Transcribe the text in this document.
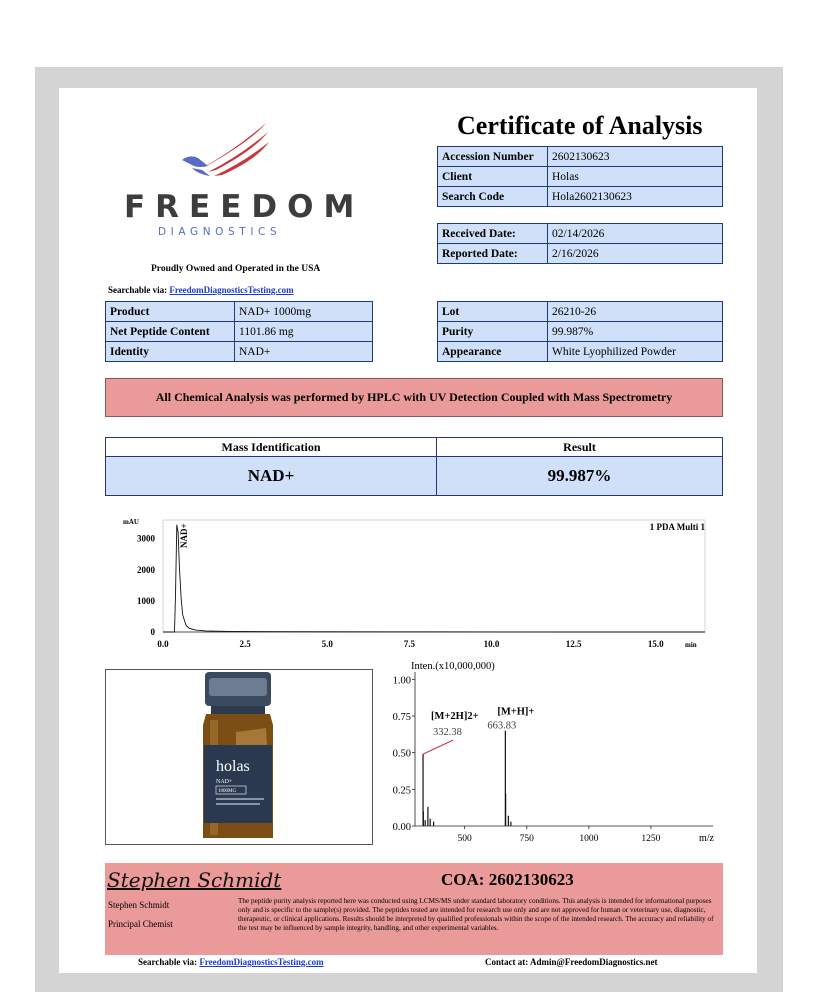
FREEDOM
DIAGNOSTICS
Proudly Owned and Operated in the USA
Searchable via: FreedomDiagnosticsTesting.com
Certificate of Analysis
Accession Number	2602130623
Client	Holas
Search Code	Hola2602130623
Received Date:	02/14/2026
Reported Date:	2/16/2026
Product	NAD+ 1000mg
Net Peptide Content	1101.86 mg
Identity	NAD+
Lot	26210-26
Purity	99.987%
Appearance	White Lyophilized Powder
All Chemical Analysis was performed by HPLC with UV Detection Coupled with Mass Spectrometry
Mass Identification	Result
NAD+	99.987%
mAU	1 PDA Multi 1
min
3000
2000
1000
0
0.0	2.5	5.0	7.5	10.0	12.5	15.0
NAD+
holas
NAD+
1000MG
Inten.(x10,000,000)
m/z
1.00
0.75
0.50
0.25
0.00
500	750	1000	1250
[M+2H]2+
332.38
[M+H]+
663.83
Stephen Schmidt	COA: 2602130623
Stephen Schmidt
Principal Chemist
The peptide purity analysis reported here was conducted using LCMS/MS under standard laboratory conditions. This analysis is intended for informational purposes only and is specific to the sample(s) provided. The peptides tested are intended for research use only and are not approved for human or veterinary use, diagnostic, therapeutic, or clinical applications. Results should be interpreted by qualified professionals within the scope of the intended research. The accuracy and reliability of the test may be influenced by sample integrity, handling, and other experimental variables.
Searchable via: FreedomDiagnosticsTesting.com	Contact at: Admin@FreedomDiagnostics.net
